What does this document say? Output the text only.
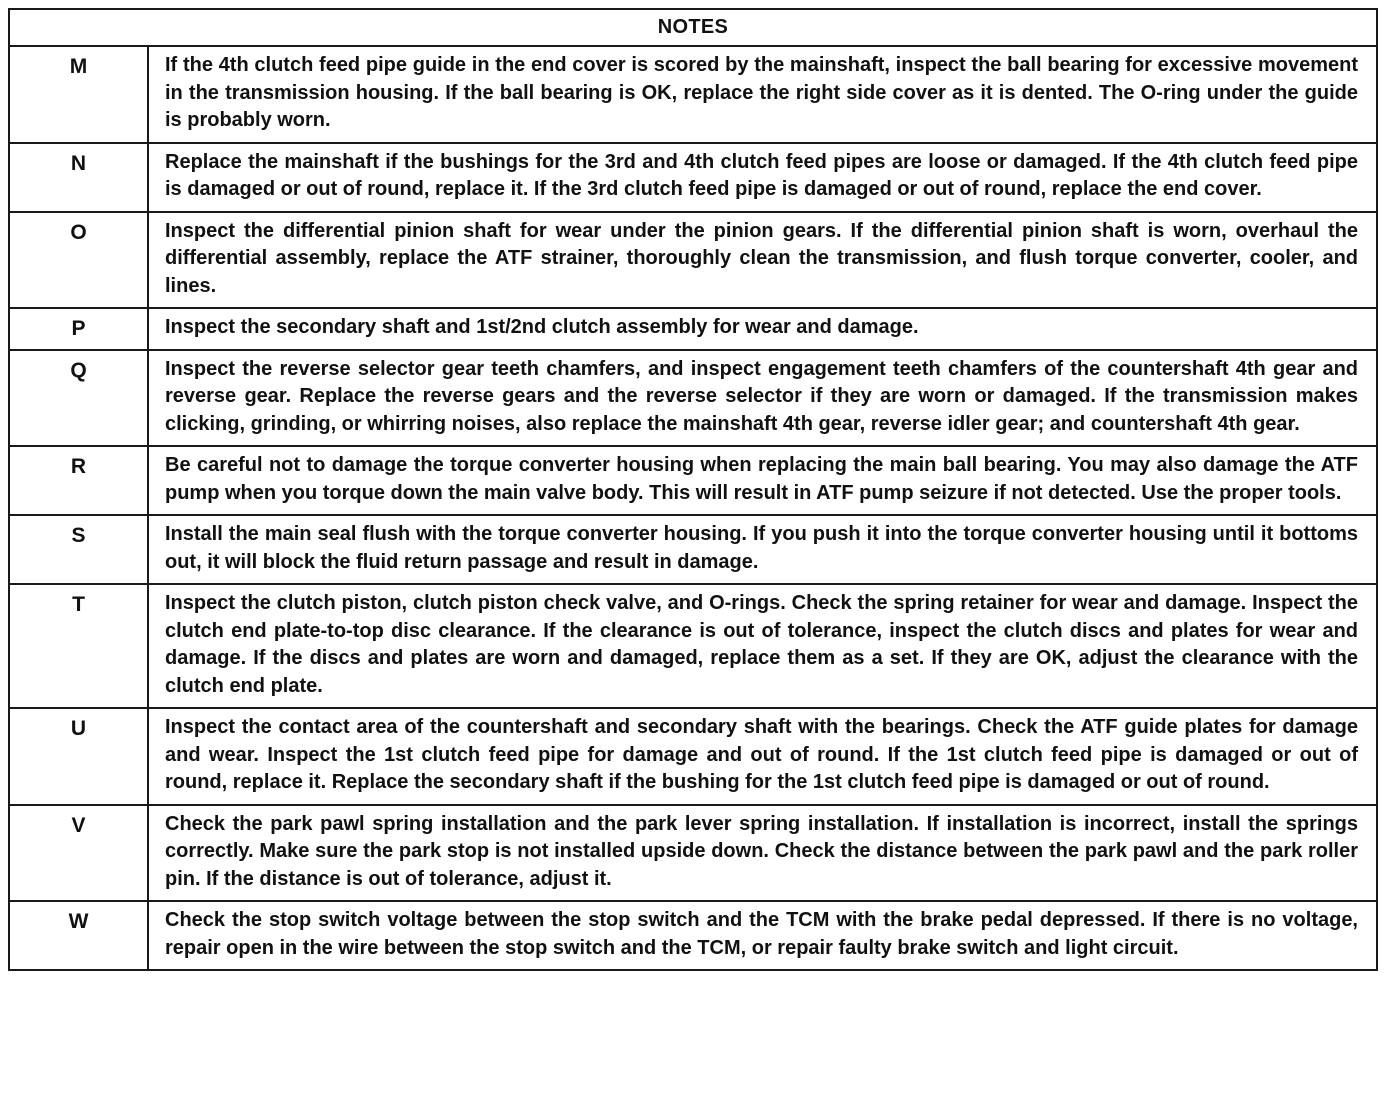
NOTES	
M	If the 4th clutch feed pipe guide in the end cover is scored by the mainshaft, inspect the ball bearing for excessive movement in the transmission housing. If the ball bearing is OK, replace the right side cover as it is dented. The O-ring under the guide is probably worn.
N	Replace the mainshaft if the bushings for the 3rd and 4th clutch feed pipes are loose or damaged. If the 4th clutch feed pipe is damaged or out of round, replace it. If the 3rd clutch feed pipe is damaged or out of round, replace the end cover.
O	Inspect the differential pinion shaft for wear under the pinion gears. If the differential pinion shaft is worn, overhaul the differential assembly, replace the ATF strainer, thoroughly clean the transmission, and flush torque converter, cooler, and lines.
P	Inspect the secondary shaft and 1st/2nd clutch assembly for wear and damage.
Q	Inspect the reverse selector gear teeth chamfers, and inspect engagement teeth chamfers of the countershaft 4th gear and reverse gear. Replace the reverse gears and the reverse selector if they are worn or damaged. If the transmission makes clicking, grinding, or whirring noises, also replace the mainshaft 4th gear, reverse idler gear; and countershaft 4th gear.
R	Be careful not to damage the torque converter housing when replacing the main ball bearing. You may also damage the ATF pump when you torque down the main valve body. This will result in ATF pump seizure if not detected. Use the proper tools.
S	Install the main seal flush with the torque converter housing. If you push it into the torque converter housing until it bottoms out, it will block the fluid return passage and result in damage.
T	Inspect the clutch piston, clutch piston check valve, and O-rings. Check the spring retainer for wear and damage. Inspect the clutch end plate-to-top disc clearance. If the clearance is out of tolerance, inspect the clutch discs and plates for wear and damage. If the discs and plates are worn and damaged, replace them as a set. If they are OK, adjust the clearance with the clutch end plate.
U	Inspect the contact area of the countershaft and secondary shaft with the bearings. Check the ATF guide plates for damage and wear. Inspect the 1st clutch feed pipe for damage and out of round. If the 1st clutch feed pipe is damaged or out of round, replace it. Replace the secondary shaft if the bushing for the 1st clutch feed pipe is damaged or out of round.
V	Check the park pawl spring installation and the park lever spring installation. If installation is incorrect, install the springs correctly. Make sure the park stop is not installed upside down. Check the distance between the park pawl and the park roller pin. If the distance is out of tolerance, adjust it.
W	Check the stop switch voltage between the stop switch and the TCM with the brake pedal depressed. If there is no voltage, repair open in the wire between the stop switch and the TCM, or repair faulty brake switch and light circuit.
